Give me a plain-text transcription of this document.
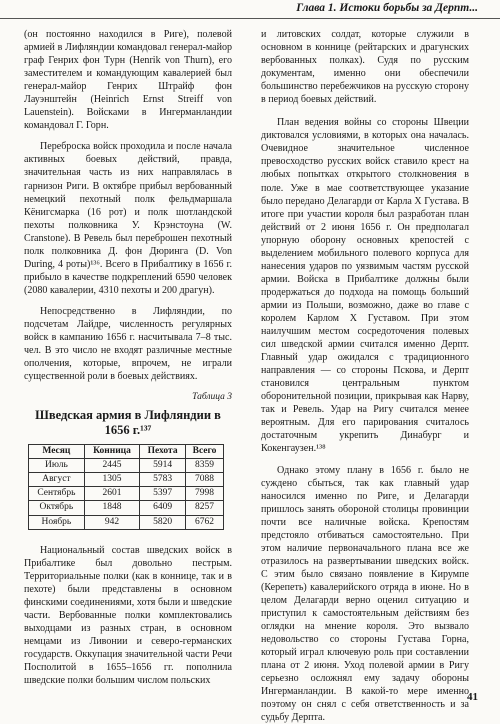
Глава 1. Истоки борьбы за Дерпт...

(он постоянно находился в Риге), полевой армией в Лифляндии командовал генерал-майор граф Генрих фон Турн (Henrik von Thurn), его заместителем и командующим кавалерией был генерал-майор Генрих Штрайф фон Лауэнштейн (Heinrich Ernst Streiff von Lauenstein). Войсками в Ингерманландии командовал Г. Горн.

Переброска войск проходила и после начала активных боевых действий, правда, значительная часть из них направлялась в гарнизон Риги. В октябре прибыл вербованный немецкий пехотный полк фельдмаршала Кёнигсмарка (16 рот) и полк шотландской пехоты полковника У. Крэнстоуна (W. Cranstone). В Ревель был переброшен пехотный полк полковника Д. фон Дюринга (D. Von During, 4 роты)¹³⁶. Всего в Прибалтику в 1656 г. прибыло в качестве подкреплений 6590 человек (2080 кавалерии, 4310 пехоты и 200 драгун).

Непосредственно в Лифляндии, по подсчетам Лайдре, численность регулярных войск в кампанию 1656 г. насчитывала 7–8 тыс. чел. В это число не входят различные местные ополчения, которые, впрочем, не играли существенной роли в боевых действиях.

Таблица 3
Шведская армия в Лифляндии в 1656 г.¹³⁷
Месяц	Конница	Пехота	Всего
Июль	2445	5914	8359
Август	1305	5783	7088
Сентябрь	2601	5397	7998
Октябрь	1848	6409	8257
Ноябрь	942	5820	6762

Национальный состав шведских войск в Прибалтике был довольно пестрым. Территориальные полки (как в коннице, так и в пехоте) были представлены в основном финскими соединениями, хотя были и шведские части. Вербованные полки комплектовались выходцами из разных стран, в основном немцами из Ливонии и северо-германских государств. Оккупация значительной части Речи Посполитой в 1655–1656 гг. пополнила шведские полки большим числом польских

и литовских солдат, которые служили в основном в коннице (рейтарских и драгунских вербованных полках). Судя по русским документам, именно они обеспечили большинство перебежчиков на русскую сторону в период боевых действий.

План ведения войны со стороны Швеции диктовался условиями, в которых она началась. Очевидное значительное численное превосходство русских войск ставило крест на любых попытках открытого столкновения в поле. Уже в мае соответствующее указание было передано Делагарди от Карла X Густава. В итоге при участии короля был разработан план действий от 2 июня 1656 г. Он предполагал упорную оборону основных крепостей с выделением мобильного полевого корпуса для нанесения ударов по уязвимым частям русской армии. Войска в Прибалтике должны были продержаться до подхода на помощь больший армии из Польши, возможно, даже во главе с королем Карлом X Густавом. При этом наилучшим местом сосредоточения полевых сил шведской армии считался именно Дерпт. Главный удар ожидался с традиционного направления — со стороны Пскова, и Дерпт становился центральным пунктом оборонительной позиции, прикрывая как Нарву, так и Ревель. Удар на Ригу считался менее вероятным. Для его парирования считалось достаточным укрепить Динабург и Кокенгаузен.¹³⁸

Однако этому плану в 1656 г. было не суждено сбыться, так как главный удар наносился именно по Риге, и Делагарди пришлось занять обороной столицы провинции почти все наличные войска. Крепостям предстояло отбиваться самостоятельно. При этом наличие первоначального плана все же отразилось на развертывании шведских войск. С этим было связано появление в Кирумпе (Керепеть) кавалерийского отряда в июне. Но в целом Делагарди верно оценил ситуацию и приступил к самостоятельным действиям без оглядки на мнение короля. Это вызвало недовольство со стороны Густава Горна, который играл ключевую роль при составлении плана от 2 июня. Уход полевой армии в Ригу серьезно осложнял ему задачу обороны Ингерманландии. В какой-то мере именно поэтому он снял с себя ответственность и за судьбу Дерпта.

41
